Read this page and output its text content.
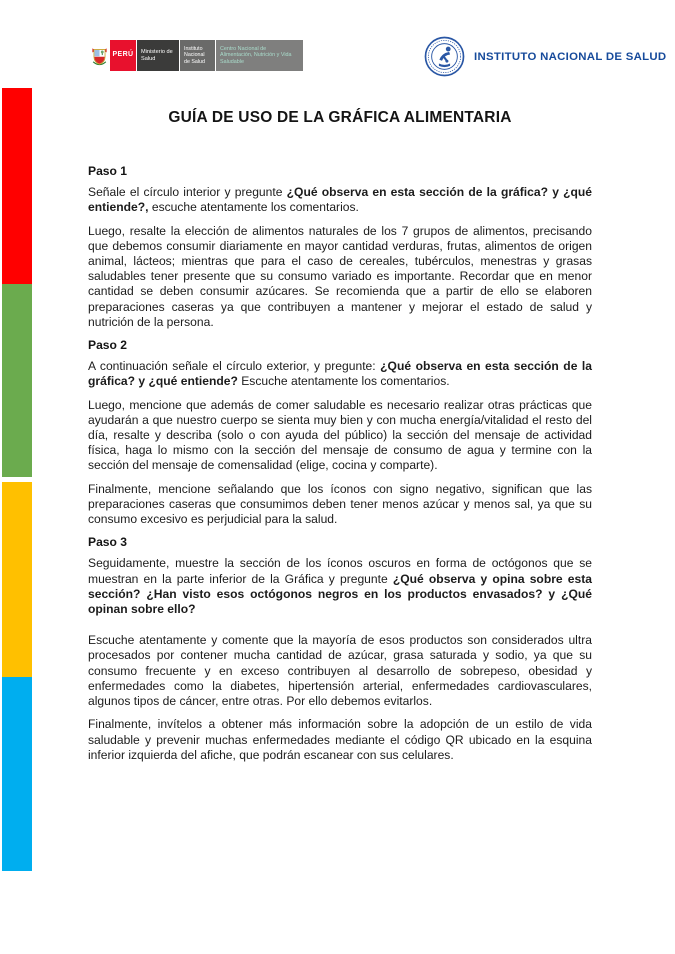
PERÚ	Ministerio de Salud
Instituto Nacional de Salud
Centro Nacional de Alimentación, Nutrición y Vida Saludable	INSTITUTO NACIONAL DE SALUD
GUÍA DE USO DE LA GRÁFICA ALIMENTARIA
Paso 1

Señale el círculo interior y pregunte ¿Qué observa en esta sección de la gráfica? y ¿qué entiende?, escuche atentamente los comentarios.

Luego, resalte la elección de alimentos naturales de los 7 grupos de alimentos, precisando que debemos consumir diariamente en mayor cantidad verduras, frutas, alimentos de origen animal, lácteos; mientras que para el caso de cereales, tubérculos, menestras y grasas saludables tener presente que su consumo variado es importante. Recordar que en menor cantidad se deben consumir azúcares. Se recomienda que a partir de ello se elaboren preparaciones caseras ya que contribuyen a mantener y mejorar el estado de salud y nutrición de la persona.

Paso 2

A continuación señale el círculo exterior, y pregunte: ¿Qué observa en esta sección de la gráfica? y ¿qué entiende? Escuche atentamente los comentarios.

Luego, mencione que además de comer saludable es necesario realizar otras prácticas que ayudarán a que nuestro cuerpo se sienta muy bien y con mucha energía/vitalidad el resto del día, resalte y describa (solo o con ayuda del público) la sección del mensaje de actividad física, haga lo mismo con la sección del mensaje de consumo de agua y termine con la sección del mensaje de comensalidad (elige, cocina y comparte).

Finalmente, mencione señalando que los íconos con signo negativo, significan que las preparaciones caseras que consumimos deben tener menos azúcar y menos sal, ya que su consumo excesivo es perjudicial para la salud.

Paso 3

Seguidamente, muestre la sección de los íconos oscuros en forma de octógonos que se muestran en la parte inferior de la Gráfica y pregunte ¿Qué observa y opina sobre esta sección? ¿Han visto esos octógonos negros en los productos envasados? y ¿Qué opinan sobre ello?

Escuche atentamente y comente que la mayoría de esos productos son considerados ultra procesados por contener mucha cantidad de azúcar, grasa saturada y sodio, ya que su consumo frecuente y en exceso contribuyen al desarrollo de sobrepeso, obesidad y enfermedades como la diabetes, hipertensión arterial, enfermedades cardiovasculares, algunos tipos de cáncer, entre otras. Por ello debemos evitarlos.

Finalmente, invítelos a obtener más información sobre la adopción de un estilo de vida saludable y prevenir muchas enfermedades mediante el código QR ubicado en la esquina inferior izquierda del afiche, que podrán escanear con sus celulares.
